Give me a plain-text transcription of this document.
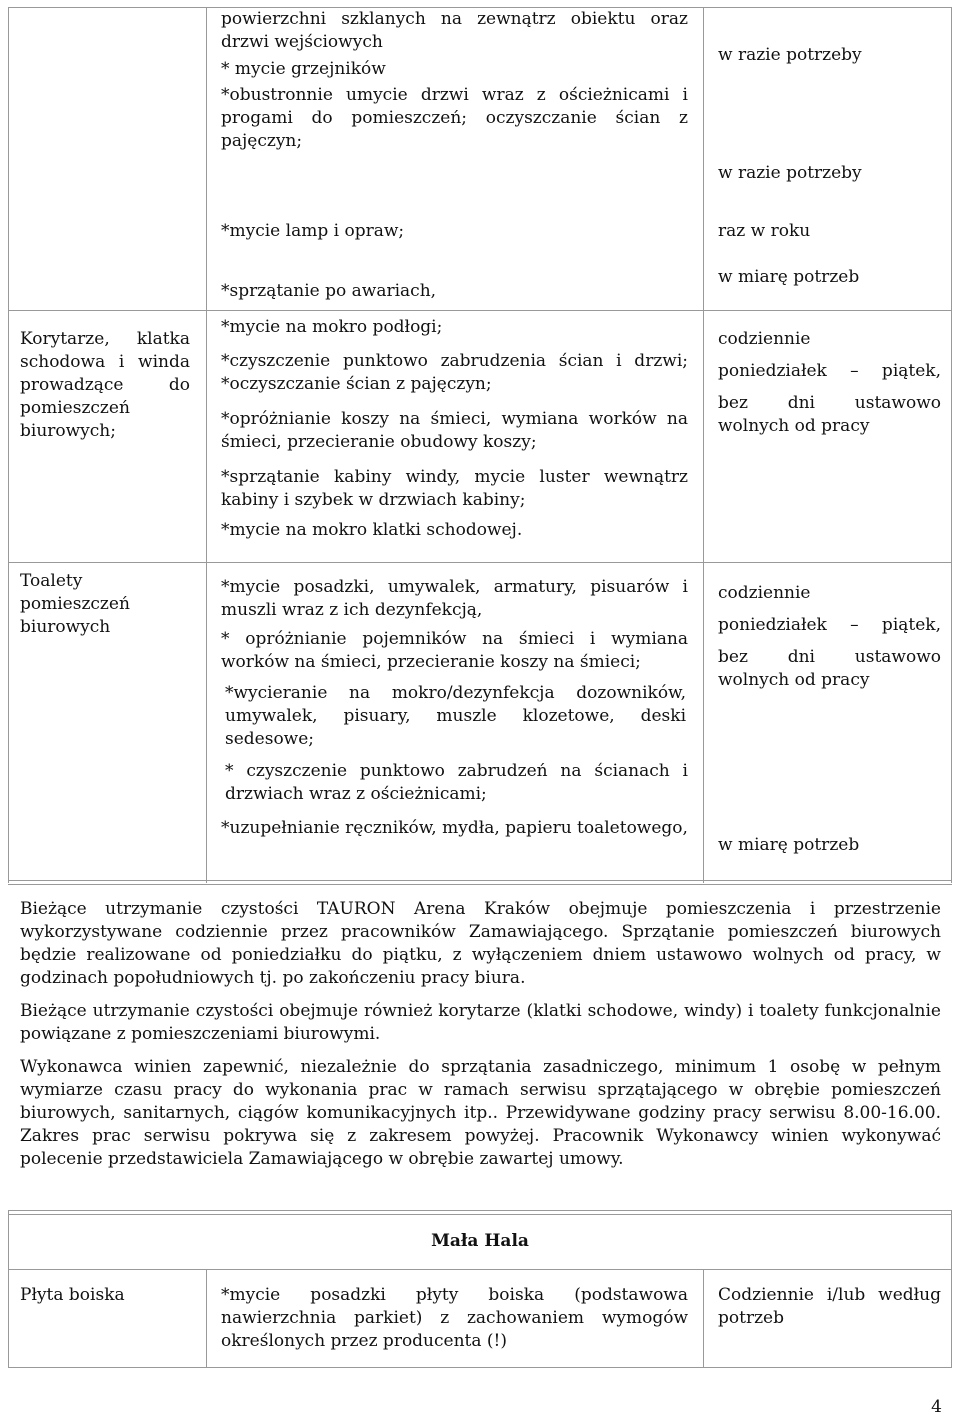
powierzchni szklanych na zewnątrz obiektu oraz drzwi wejściowych

* mycie grzejników

*obustronnie umycie drzwi wraz z ościeżnicami i progami do pomieszczeń; oczyszczanie ścian z pajęczyn;

*mycie lamp i opraw;

*sprzątanie po awariach,

w razie potrzeby
w razie potrzeby
raz w roku
w miarę potrzeb
Korytarze, klatka schodowa i winda prowadzące do pomieszczeń biurowych;

*mycie na mokro podłogi;

*czyszczenie punktowo zabrudzenia ścian i drzwi; *oczyszczanie ścian z pajęczyn;

*opróżnianie koszy na śmieci, wymiana worków na śmieci, przecieranie obudowy koszy;

*sprzątanie kabiny windy, mycie luster wewnątrz kabiny i szybek w drzwiach kabiny;

*mycie na mokro klatki schodowej.

codziennie

poniedziałek – piątek,

bez dni ustawowo wolnych od pracy

Toalety pomieszczeń biurowych

*mycie posadzki, umywalek, armatury, pisuarów i muszli wraz z ich dezynfekcją,

* opróżnianie pojemników na śmieci i wymiana worków na śmieci, przecieranie koszy na śmieci;

*wycieranie na mokro/dezynfekcja dozowników, umywalek, pisuary, muszle klozetowe, deski sedesowe;

* czyszczenie punktowo zabrudzeń na ścianach i drzwiach wraz z ościeżnicami;

*uzupełnianie ręczników, mydła, papieru toaletowego,

codziennie

poniedziałek – piątek,

bez dni ustawowo wolnych od pracy

w miarę potrzeb

Bieżące utrzymanie czystości TAURON Arena Kraków obejmuje pomieszczenia i przestrzenie wykorzystywane codziennie przez pracowników Zamawiającego. Sprzątanie pomieszczeń biurowych będzie realizowane od poniedziałku do piątku, z wyłączeniem dniem ustawowo wolnych od pracy, w godzinach popołudniowych tj. po zakończeniu pracy biura.

Bieżące utrzymanie czystości obejmuje również korytarze (klatki schodowe, windy) i toalety funkcjonalnie powiązane z pomieszczeniami biurowymi.

Wykonawca winien zapewnić, niezależnie do sprzątania zasadniczego, minimum 1 osobę w pełnym wymiarze czasu pracy do wykonania prac w ramach serwisu sprzątającego w obrębie pomieszczeń biurowych, sanitarnych, ciągów komunikacyjnych itp.. Przewidywane godziny pracy serwisu 8.00-16.00. Zakres prac serwisu pokrywa się z zakresem powyżej. Pracownik Wykonawcy winien wykonywać polecenie przedstawiciela Zamawiającego w obrębie zawartej umowy.

Mała Hala
Płyta boiska	*mycie posadzki płyty boiska (podstawowa nawierzchnia parkiet) z zachowaniem wymogów określonych przez producenta (!)
Codziennie i/lub według potrzeb
4
